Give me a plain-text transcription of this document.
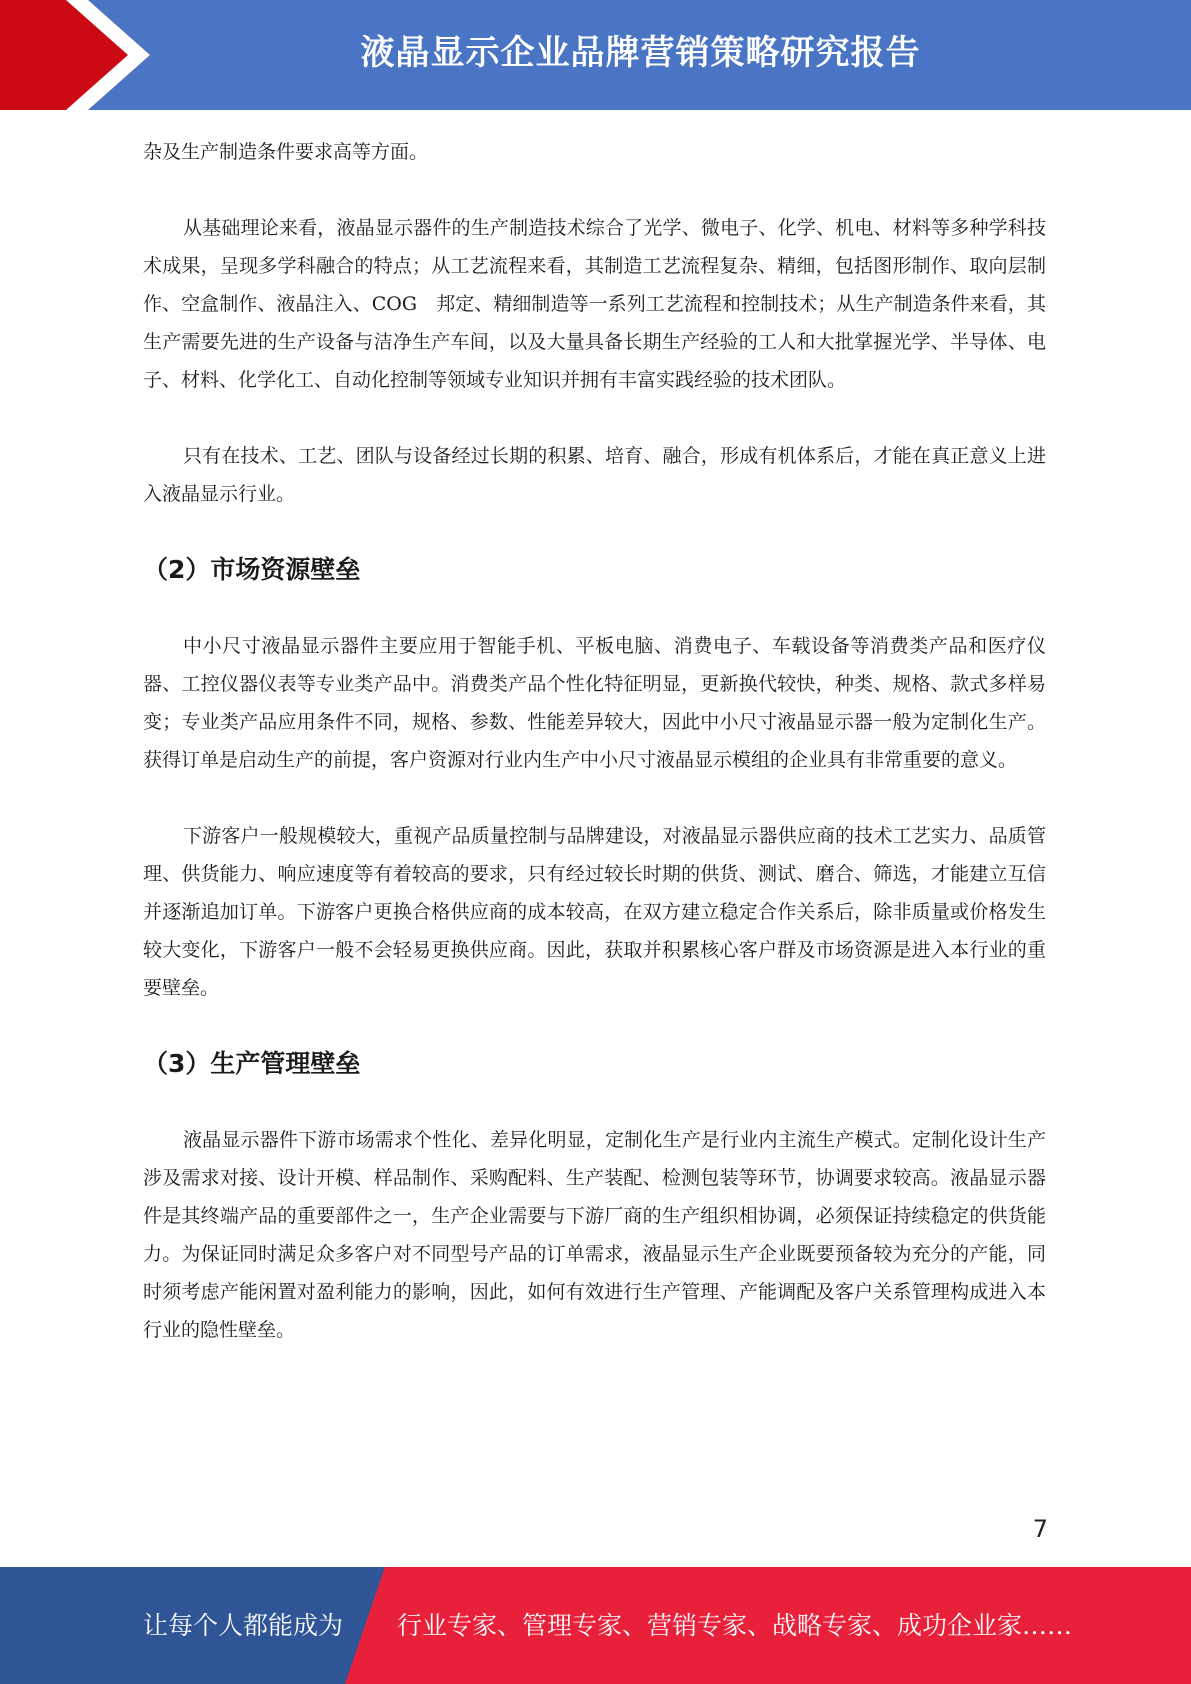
液晶显示企业品牌营销策略研究报告

杂及生产制造条件要求高等方面。

从基础理论来看，液晶显示器件的生产制造技术综合了光学、微电子、化学、机电、材料等多种学科技术成果，呈现多学科融合的特点；从工艺流程来看，其制造工艺流程复杂、精细，包括图形制作、取向层制作、空盒制作、液晶注入、COG　邦定、精细制造等一系列工艺流程和控制技术；从生产制造条件来看，其生产需要先进的生产设备与洁净生产车间，以及大量具备长期生产经验的工人和大批掌握光学、半导体、电子、材料、化学化工、自动化控制等领域专业知识并拥有丰富实践经验的技术团队。

只有在技术、工艺、团队与设备经过长期的积累、培育、融合，形成有机体系后，才能在真正意义上进入液晶显示行业。

（2）市场资源壁垒

中小尺寸液晶显示器件主要应用于智能手机、平板电脑、消费电子、车载设备等消费类产品和医疗仪器、工控仪器仪表等专业类产品中。消费类产品个性化特征明显，更新换代较快，种类、规格、款式多样易变；专业类产品应用条件不同，规格、参数、性能差异较大，因此中小尺寸液晶显示器一般为定制化生产。获得订单是启动生产的前提，客户资源对行业内生产中小尺寸液晶显示模组的企业具有非常重要的意义。

下游客户一般规模较大，重视产品质量控制与品牌建设，对液晶显示器供应商的技术工艺实力、品质管理、供货能力、响应速度等有着较高的要求，只有经过较长时期的供货、测试、磨合、筛选，才能建立互信并逐渐追加订单。下游客户更换合格供应商的成本较高，在双方建立稳定合作关系后，除非质量或价格发生较大变化，下游客户一般不会轻易更换供应商。因此，获取并积累核心客户群及市场资源是进入本行业的重要壁垒。

（3）生产管理壁垒

液晶显示器件下游市场需求个性化、差异化明显，定制化生产是行业内主流生产模式。定制化设计生产涉及需求对接、设计开模、样品制作、采购配料、生产装配、检测包装等环节，协调要求较高。液晶显示器件是其终端产品的重要部件之一，生产企业需要与下游厂商的生产组织相协调，必须保证持续稳定的供货能力。为保证同时满足众多客户对不同型号产品的订单需求，液晶显示生产企业既要预备较为充分的产能，同时须考虑产能闲置对盈利能力的影响，因此，如何有效进行生产管理、产能调配及客户关系管理构成进入本行业的隐性壁垒。

7
让每个人都能成为 行业专家、管理专家、营销专家、战略专家、成功企业家……
